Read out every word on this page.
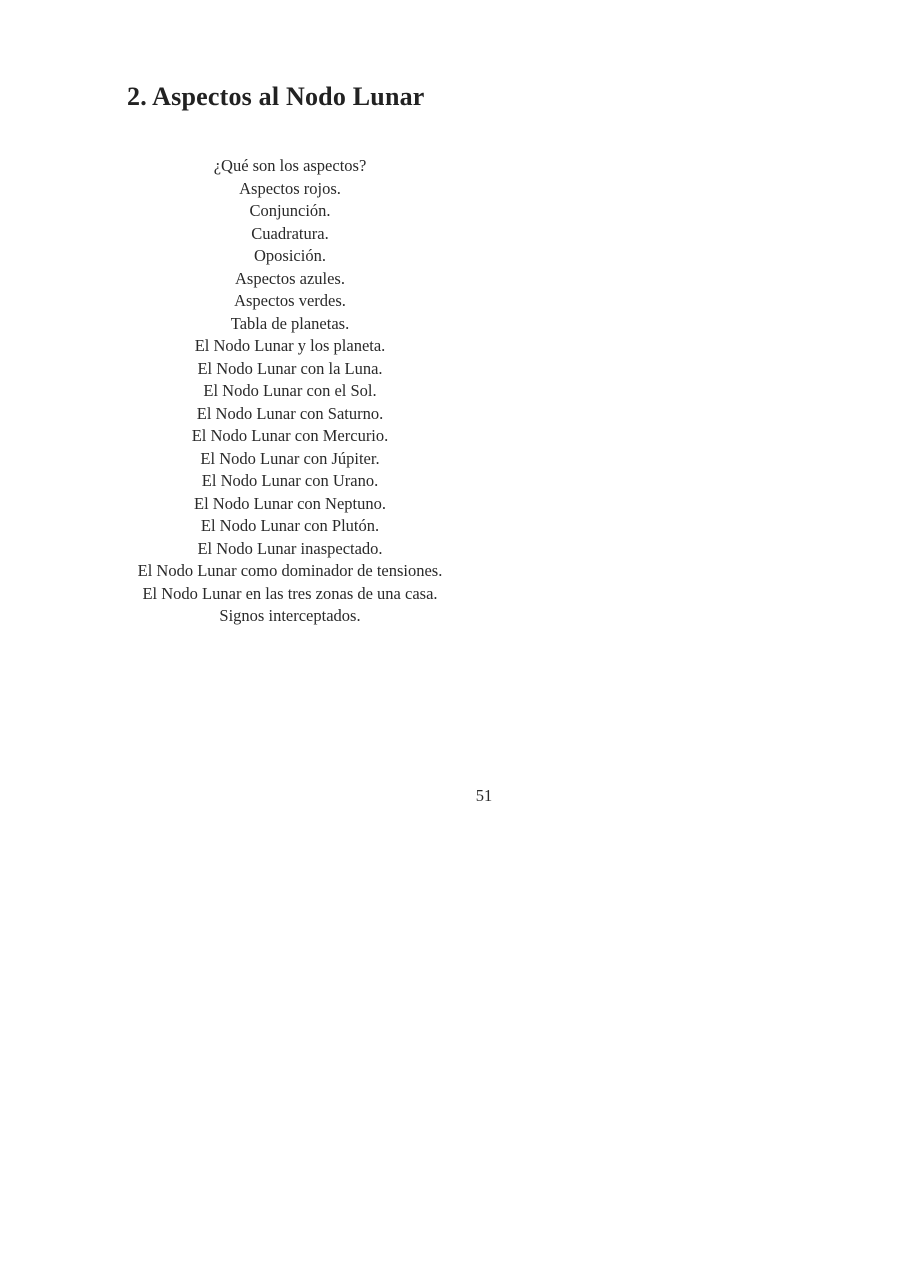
2. Aspectos al Nodo Lunar
¿Qué son los aspectos?
Aspectos rojos.
Conjunción.
Cuadratura.
Oposición.
Aspectos azules.
Aspectos verdes.
Tabla de planetas.
El Nodo Lunar y los planeta.
El Nodo Lunar con la Luna.
El Nodo Lunar con el Sol.
El Nodo Lunar con Saturno.
El Nodo Lunar con Mercurio.
El Nodo Lunar con Júpiter.
El Nodo Lunar con Urano.
El Nodo Lunar con Neptuno.
El Nodo Lunar con Plutón.
El Nodo Lunar inaspectado.
El Nodo Lunar como dominador de tensiones.
El Nodo Lunar en las tres zonas de una casa.
Signos interceptados.
51
